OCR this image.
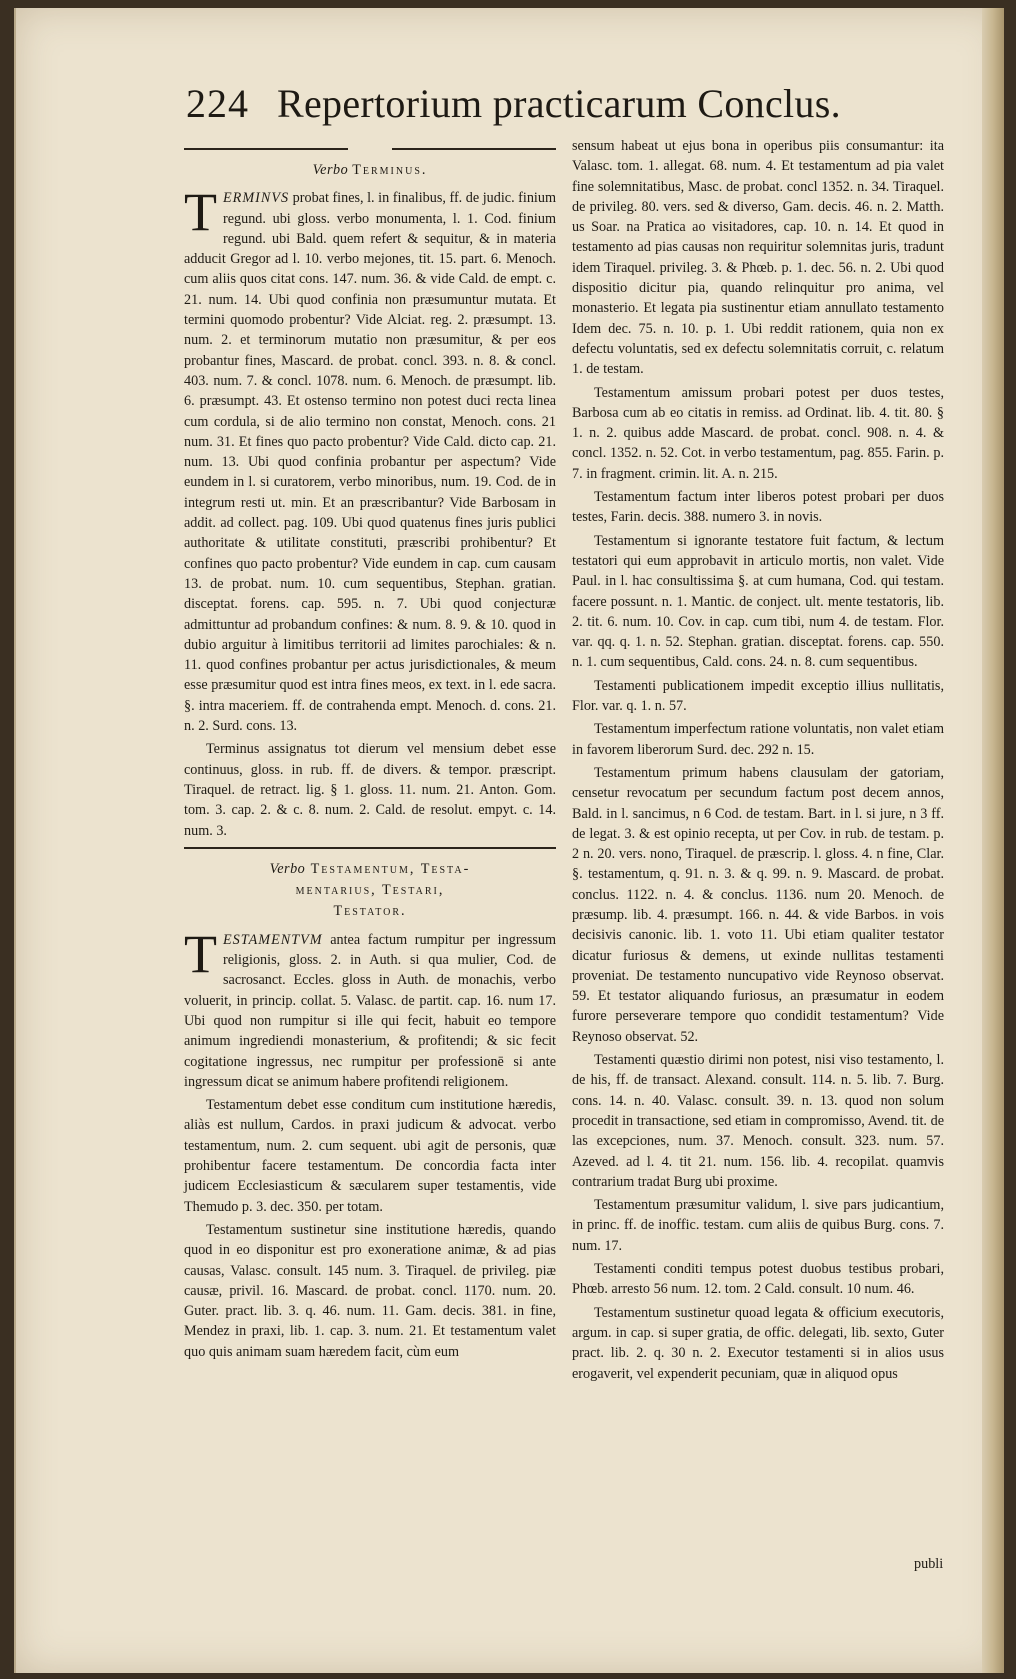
224 Repertorium practicarum Conclus.
Verbo Terminus.

TERMINVS probat fines, l. in finalibus, ff. de judic. finium regund. ubi gloss. verbo monumenta, l. 1. Cod. finium regund. ubi Bald. quem refert & sequitur, & in materia adducit Gregor ad l. 10. verbo mejones, tit. 15. part. 6. Menoch. cum aliis quos citat cons. 147. num. 36. & vide Cald. de empt. c. 21. num. 14. Ubi quod confinia non præsumuntur mutata. Et termini quomodo probentur? Vide Alciat. reg. 2. præsumpt. 13. num. 2. et terminorum mutatio non præsumitur, & per eos probantur fines, Mascard. de probat. concl. 393. n. 8. & concl. 403. num. 7. & concl. 1078. num. 6. Menoch. de præsumpt. lib. 6. præsumpt. 43. Et ostenso termino non potest duci recta linea cum cordula, si de alio termino non constat, Menoch. cons. 21 num. 31. Et fines quo pacto probentur? Vide Cald. dicto cap. 21. num. 13. Ubi quod confinia probantur per aspectum? Vide eundem in l. si curatorem, verbo minoribus, num. 19. Cod. de in integrum resti ut. min. Et an præscribantur? Vide Barbosam in addit. ad collect. pag. 109. Ubi quod quatenus fines juris publici authoritate & utilitate constituti, præscribi prohibentur? Et confines quo pacto probentur? Vide eundem in cap. cum causam 13. de probat. num. 10. cum sequentibus, Stephan. gratian. disceptat. forens. cap. 595. n. 7. Ubi quod conjecturæ admittuntur ad probandum confines: & num. 8. 9. & 10. quod in dubio arguitur à limitibus territorii ad limites parochiales: & n. 11. quod confines probantur per actus jurisdictionales, & meum esse præsumitur quod est intra fines meos, ex text. in l. ede sacra. §. intra maceriem. ff. de contrahenda empt. Menoch. d. cons. 21. n. 2. Surd. cons. 13.

Terminus assignatus tot dierum vel mensium debet esse continuus, gloss. in rub. ff. de divers. & tempor. præscript. Tiraquel. de retract. lig. § 1. gloss. 11. num. 21. Anton. Gom. tom. 3. cap. 2. & c. 8. num. 2. Cald. de resolut. empyt. c. 14. num. 3.

Verbo Testamentum, Testa-
mentarius, Testari,
Testator.

TESTAMENTVM antea factum rumpitur per ingressum religionis, gloss. 2. in Auth. si qua mulier, Cod. de sacrosanct. Eccles. gloss in Auth. de monachis, verbo voluerit, in princip. collat. 5. Valasc. de partit. cap. 16. num 17. Ubi quod non rumpitur si ille qui fecit, habuit eo tempore animum ingrediendi monasterium, & profitendi; & sic fecit cogitatione ingressus, nec rumpitur per professionē si ante ingressum dicat se animum habere profitendi religionem.

Testamentum debet esse conditum cum institutione hæredis, aliàs est nullum, Cardos. in praxi judicum & advocat. verbo testamentum, num. 2. cum sequent. ubi agit de personis, quæ prohibentur facere testamentum. De concordia facta inter judicem Ecclesiasticum & sæcularem super testamentis, vide Themudo p. 3. dec. 350. per totam.

Testamentum sustinetur sine institutione hæredis, quando quod in eo disponitur est pro exoneratione animæ, & ad pias causas, Valasc. consult. 145 num. 3. Tiraquel. de privileg. piæ causæ, privil. 16. Mascard. de probat. concl. 1170. num. 20. Guter. pract. lib. 3. q. 46. num. 11. Gam. decis. 381. in fine, Mendez in praxi, lib. 1. cap. 3. num. 21. Et testamentum valet quo quis animam suam hæredem facit, cùm eum

sensum habeat ut ejus bona in operibus piis consumantur: ita Valasc. tom. 1. allegat. 68. num. 4. Et testamentum ad pia valet fine solemnitatibus, Masc. de probat. concl 1352. n. 34. Tiraquel. de privileg. 80. vers. sed & diverso, Gam. decis. 46. n. 2. Matth. us Soar. na Pratica ao visitadores, cap. 10. n. 14. Et quod in testamento ad pias causas non requiritur solemnitas juris, tradunt idem Tiraquel. privileg. 3. & Phœb. p. 1. dec. 56. n. 2. Ubi quod dispositio dicitur pia, quando relinquitur pro anima, vel monasterio. Et legata pia sustinentur etiam annullato testamento Idem dec. 75. n. 10. p. 1. Ubi reddit rationem, quia non ex defectu voluntatis, sed ex defectu solemnitatis corruit, c. relatum 1. de testam.

Testamentum amissum probari potest per duos testes, Barbosa cum ab eo citatis in remiss. ad Ordinat. lib. 4. tit. 80. § 1. n. 2. quibus adde Mascard. de probat. concl. 908. n. 4. & concl. 1352. n. 52. Cot. in verbo testamentum, pag. 855. Farin. p. 7. in fragment. crimin. lit. A. n. 215.

Testamentum factum inter liberos potest probari per duos testes, Farin. decis. 388. numero 3. in novis.

Testamentum si ignorante testatore fuit factum, & lectum testatori qui eum approbavit in articulo mortis, non valet. Vide Paul. in l. hac consultissima §. at cum humana, Cod. qui testam. facere possunt. n. 1. Mantic. de conject. ult. mente testatoris, lib. 2. tit. 6. num. 10. Cov. in cap. cum tibi, num 4. de testam. Flor. var. qq. q. 1. n. 52. Stephan. gratian. disceptat. forens. cap. 550. n. 1. cum sequentibus, Cald. cons. 24. n. 8. cum sequentibus.

Testamenti publicationem impedit exceptio illius nullitatis, Flor. var. q. 1. n. 57.

Testamentum imperfectum ratione voluntatis, non valet etiam in favorem liberorum Surd. dec. 292 n. 15.

Testamentum primum habens clausulam der gatoriam, censetur revocatum per secundum factum post decem annos, Bald. in l. sancimus, n 6 Cod. de testam. Bart. in l. si jure, n 3 ff. de legat. 3. & est opinio recepta, ut per Cov. in rub. de testam. p. 2 n. 20. vers. nono, Tiraquel. de præscrip. l. gloss. 4. n fine, Clar. §. testamentum, q. 91. n. 3. & q. 99. n. 9. Mascard. de probat. conclus. 1122. n. 4. & conclus. 1136. num 20. Menoch. de præsump. lib. 4. præsumpt. 166. n. 44. & vide Barbos. in vois decisivis canonic. lib. 1. voto 11. Ubi etiam qualiter testator dicatur furiosus & demens, ut exinde nullitas testamenti proveniat. De testamento nuncupativo vide Reynoso observat. 59. Et testator aliquando furiosus, an præsumatur in eodem furore perseverare tempore quo condidit testamentum? Vide Reynoso observat. 52.

Testamenti quæstio dirimi non potest, nisi viso testamento, l. de his, ff. de transact. Alexand. consult. 114. n. 5. lib. 7. Burg. cons. 14. n. 40. Valasc. consult. 39. n. 13. quod non solum procedit in transactione, sed etiam in compromisso, Avend. tit. de las excepciones, num. 37. Menoch. consult. 323. num. 57. Azeved. ad l. 4. tit 21. num. 156. lib. 4. recopilat. quamvis contrarium tradat Burg ubi proxime.

Testamentum præsumitur validum, l. sive pars judicantium, in princ. ff. de inoffic. testam. cum aliis de quibus Burg. cons. 7. num. 17.

Testamenti conditi tempus potest duobus testibus probari, Phœb. arresto 56 num. 12. tom. 2 Cald. consult. 10 num. 46.

Testamentum sustinetur quoad legata & officium executoris, argum. in cap. si super gratia, de offic. delegati, lib. sexto, Guter pract. lib. 2. q. 30 n. 2. Executor testamenti si in alios usus erogaverit, vel expenderit pecuniam, quæ in aliquod opus

publi
